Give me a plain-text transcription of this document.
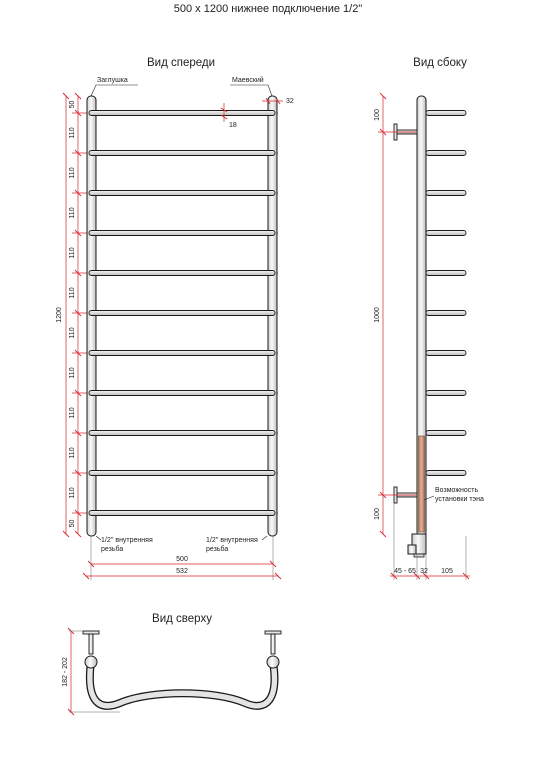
500 x 1200 нижнее подключение 1/2"
Вид спереди
Заглушка	Маевский
32
18
50
110
110
110
110
110
110
110
110
110
110
50
1200
1/2'' внутренняя
резьба
1/2'' внутренняя
резьба
500
532
Вид сбоку
100
1000
100
Возможность
установки тэна
45 - 65 32 105
Вид сверху
182 - 202
